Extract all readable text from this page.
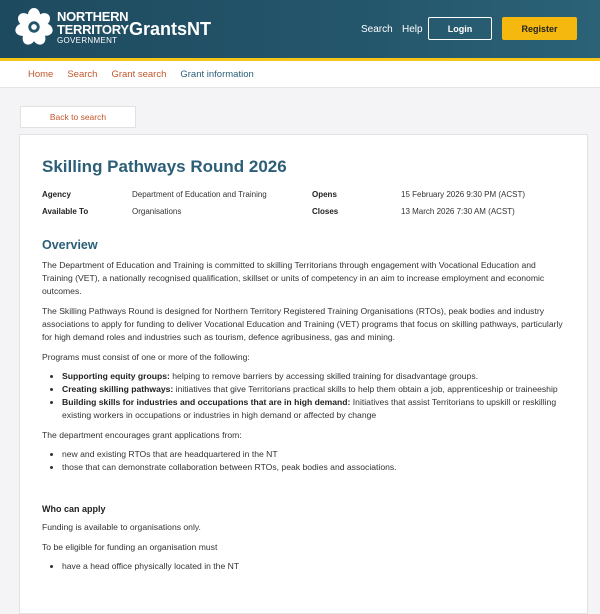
NORTHERN
TERRITORY
GOVERNMENT
GrantsNT	Search Help	Login	Register
Home Search Grant search Grant information
Back to search
Skilling Pathways Round 2026
Agency	Department of Education and Training	Opens	15 February 2026 9:30 PM (ACST)
Available To	Organisations	Closes	13 March 2026 7:30 AM (ACST)
Overview

The Department of Education and Training is committed to skilling Territorians through engagement with Vocational Education and Training (VET), a nationally recognised qualification, skillset or units of competency in an aim to increase employment and economic outcomes.

The Skilling Pathways Round is designed for Northern Territory Registered Training Organisations (RTOs), peak bodies and industry associations to apply for funding to deliver Vocational Education and Training (VET) programs that focus on skilling pathways, particularly for high demand roles and industries such as tourism, defence agribusiness, gas and mining.

Programs must consist of one or more of the following:

• Supporting equity groups: helping to remove barriers by accessing skilled training for disadvantage groups.
• Creating skilling pathways: initiatives that give Territorians practical skills to help them obtain a job, apprenticeship or traineeship
• Building skills for industries and occupations that are in high demand: Initiatives that assist Territorians to upskill or reskilling existing workers in occupations or industries in high demand or affected by change

The department encourages grant applications from:

• new and existing RTOs that are headquartered in the NT
• those that can demonstrate collaboration between RTOs, peak bodies and associations.
Who can apply

Funding is available to organisations only.

To be eligible for funding an organisation must

• have a head office physically located in the NT
